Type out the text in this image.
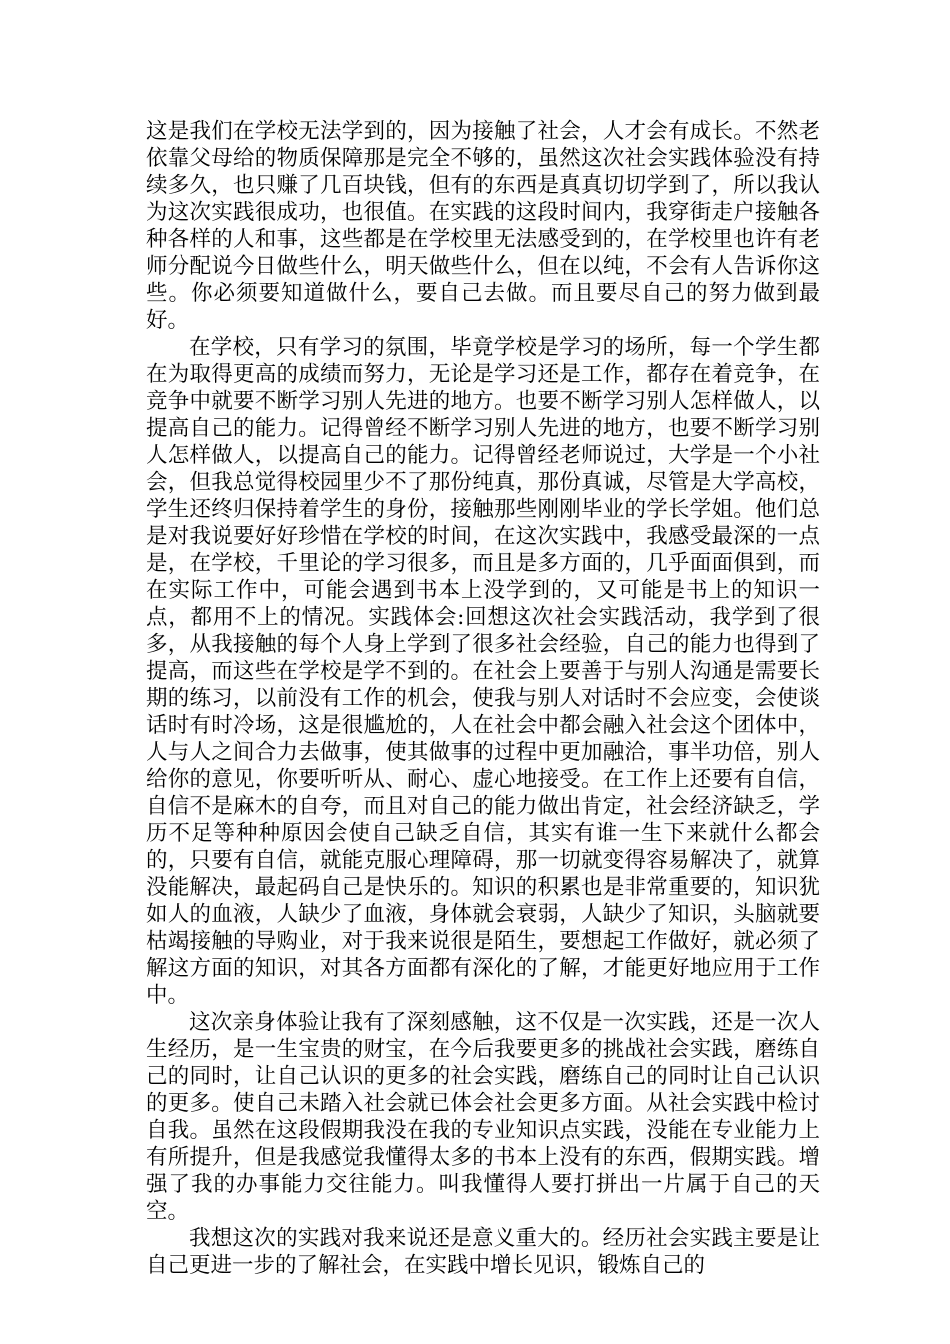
这是我们在学校无法学到的，因为接触了社会，人才会有成长。不然老依靠父母给的物质保障那是完全不够的，虽然这次社会实践体验没有持续多久，也只赚了几百块钱，但有的东西是真真切切学到了，所以我认为这次实践很成功，也很值。在实践的这段时间内，我穿街走户接触各种各样的人和事，这些都是在学校里无法感受到的，在学校里也许有老师分配说今日做些什么，明天做些什么，但在以纯，不会有人告诉你这些。你必须要知道做什么，要自己去做。而且要尽自己的努力做到最好。

在学校，只有学习的氛围，毕竟学校是学习的场所，每一个学生都在为取得更高的成绩而努力，无论是学习还是工作，都存在着竞争，在竞争中就要不断学习别人先进的地方。也要不断学习别人怎样做人，以提高自己的能力。记得曾经不断学习别人先进的地方，也要不断学习别人怎样做人，以提高自己的能力。记得曾经老师说过，大学是一个小社会，但我总觉得校园里少不了那份纯真，那份真诚，尽管是大学高校，学生还终归保持着学生的身份，接触那些刚刚毕业的学长学姐。他们总是对我说要好好珍惜在学校的时间，在这次实践中，我感受最深的一点是，在学校，千里论的学习很多，而且是多方面的，几乎面面俱到，而在实际工作中，可能会遇到书本上没学到的，又可能是书上的知识一点，都用不上的情况。实践体会:回想这次社会实践活动，我学到了很多，从我接触的每个人身上学到了很多社会经验，自己的能力也得到了提高，而这些在学校是学不到的。在社会上要善于与别人沟通是需要长期的练习，以前没有工作的机会，使我与别人对话时不会应变，会使谈话时有时冷场，这是很尴尬的，人在社会中都会融入社会这个团体中，人与人之间合力去做事，使其做事的过程中更加融洽，事半功倍，别人给你的意见，你要听听从、耐心、虚心地接受。在工作上还要有自信，自信不是麻木的自夸，而且对自己的能力做出肯定，社会经济缺乏，学历不足等种种原因会使自己缺乏自信，其实有谁一生下来就什么都会的，只要有自信，就能克服心理障碍，那一切就变得容易解决了，就算没能解决，最起码自己是快乐的。知识的积累也是非常重要的，知识犹如人的血液，人缺少了血液，身体就会衰弱，人缺少了知识，头脑就要枯竭接触的导购业，对于我来说很是陌生，要想起工作做好，就必须了解这方面的知识，对其各方面都有深化的了解，才能更好地应用于工作中。

这次亲身体验让我有了深刻感触，这不仅是一次实践，还是一次人生经历，是一生宝贵的财宝，在今后我要更多的挑战社会实践，磨练自己的同时，让自己认识的更多的社会实践，磨练自己的同时让自己认识的更多。使自己未踏入社会就已体会社会更多方面。从社会实践中检讨自我。虽然在这段假期我没在我的专业知识点实践，没能在专业能力上有所提升，但是我感觉我懂得太多的书本上没有的东西，假期实践。增强了我的办事能力交往能力。叫我懂得人要打拼出一片属于自己的天空。

我想这次的实践对我来说还是意义重大的。经历社会实践主要是让自己更进一步的了解社会，在实践中增长见识，锻炼自己的
